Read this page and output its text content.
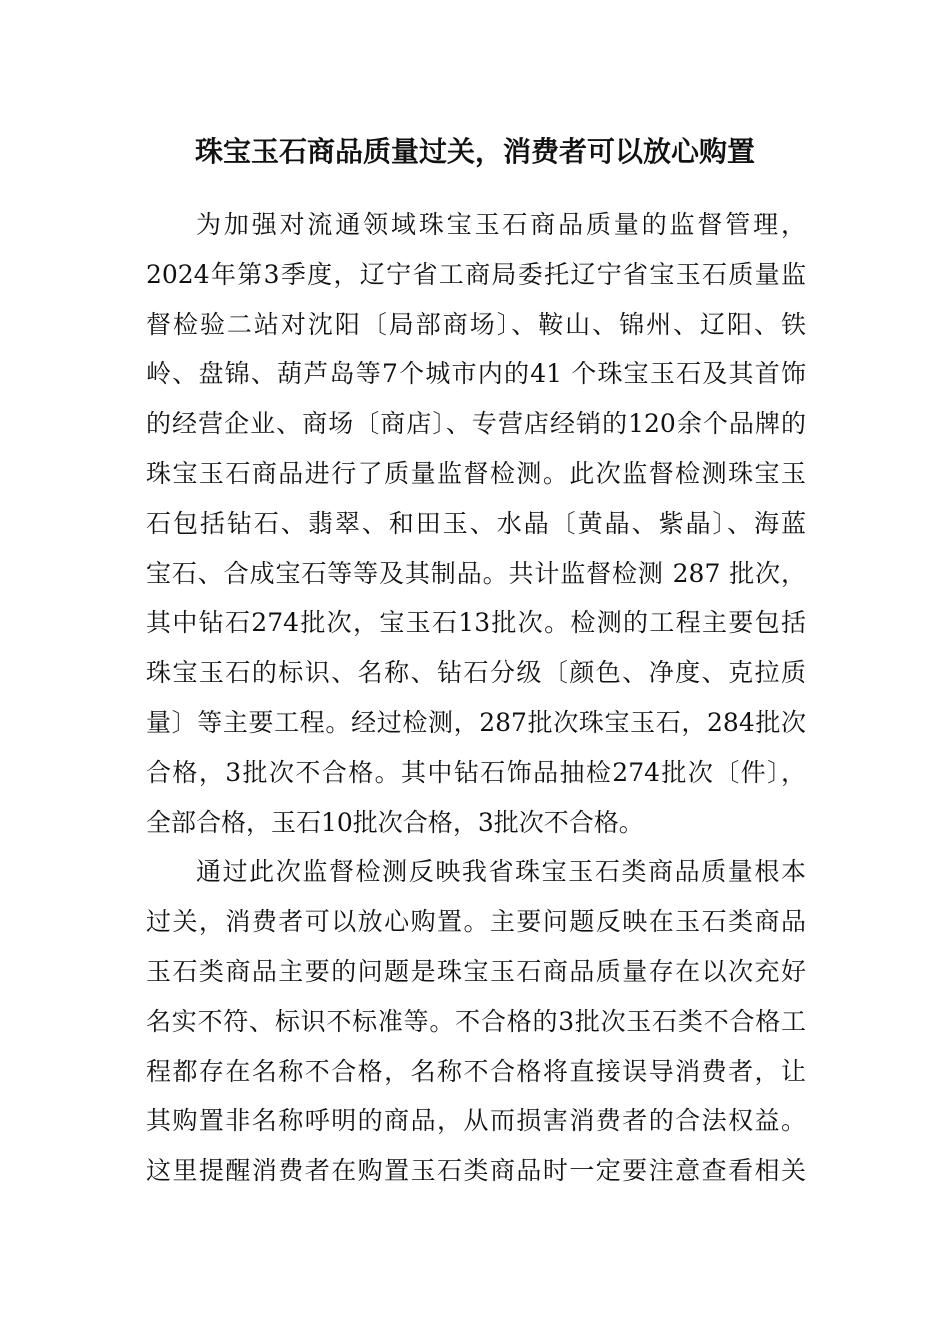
珠宝玉石商品质量过关，消费者可以放心购置
为加强对流通领域珠宝玉石商品质量的监督管理，
2024年第3季度，辽宁省工商局委托辽宁省宝玉石质量监
督检验二站对沈阳〔局部商场〕、鞍山、锦州、辽阳、铁
岭、盘锦、葫芦岛等7个城市内的41 个珠宝玉石及其首饰
的经营企业、商场〔商店〕、专营店经销的120余个品牌的
珠宝玉石商品进行了质量监督检测。此次监督检测珠宝玉
石包括钻石、翡翠、和田玉、水晶〔黄晶、紫晶〕、海蓝
宝石、合成宝石等等及其制品。共计监督检测 287 批次，
其中钻石274批次，宝玉石13批次。检测的工程主要包括
珠宝玉石的标识、名称、钻石分级〔颜色、净度、克拉质
量〕等主要工程。经过检测，287批次珠宝玉石，284批次
合格，3批次不合格。其中钻石饰品抽检274批次〔件〕，
全部合格，玉石10批次合格，3批次不合格。
通过此次监督检测反映我省珠宝玉石类商品质量根本
过关，消费者可以放心购置。主要问题反映在玉石类商品
玉石类商品主要的问题是珠宝玉石商品质量存在以次充好
名实不符、标识不标准等。不合格的3批次玉石类不合格工
程都存在名称不合格，名称不合格将直接误导消费者，让
其购置非名称呼明的商品，从而损害消费者的合法权益。
这里提醒消费者在购置玉石类商品时一定要注意查看相关
